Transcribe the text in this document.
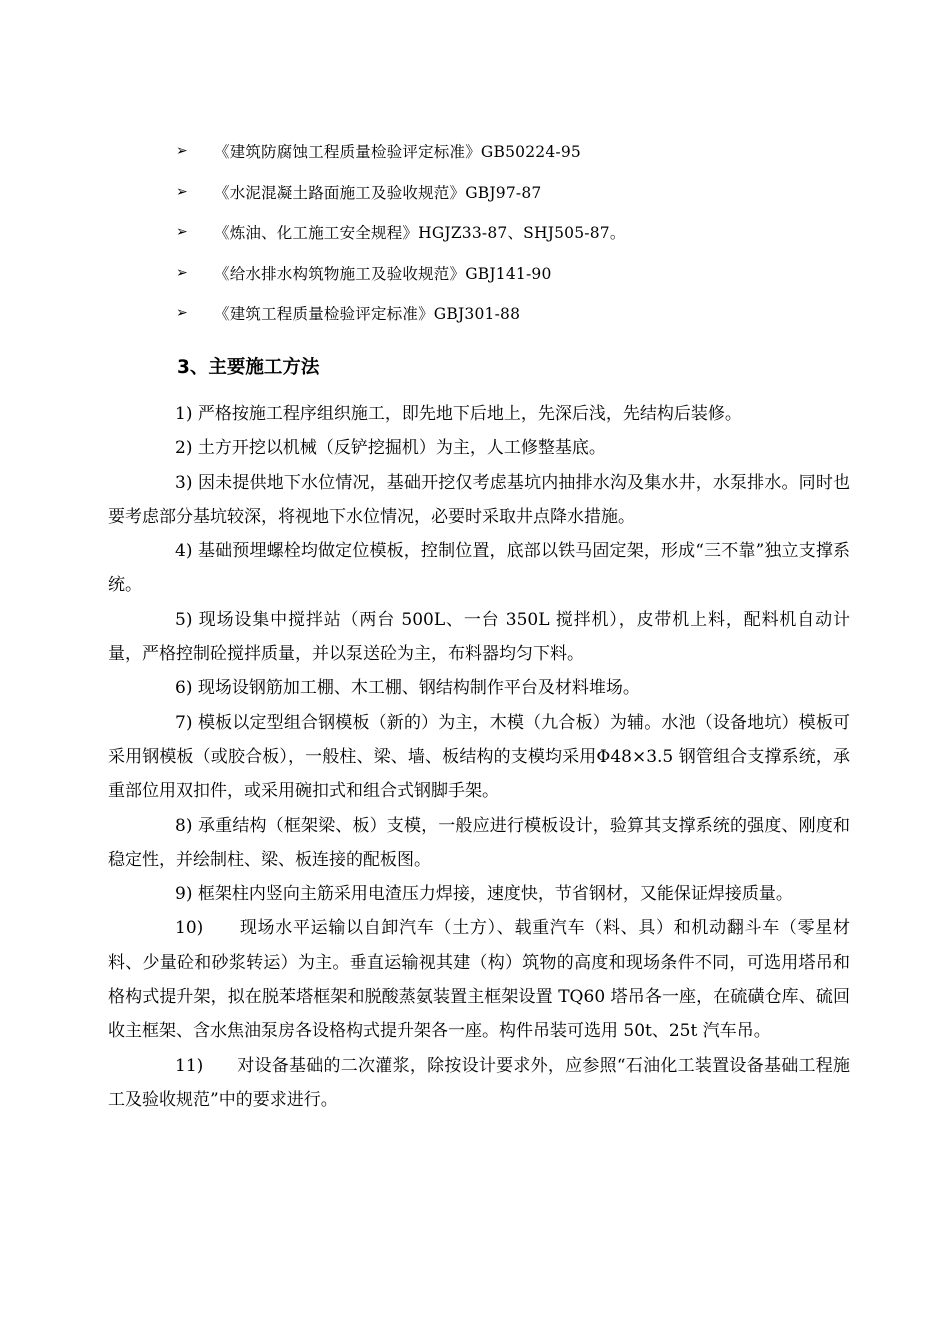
➢	《建筑防腐蚀工程质量检验评定标准》GB50224-95
➢	《水泥混凝土路面施工及验收规范》GBJ97-87
➢	《炼油、化工施工安全规程》HGJZ33-87、SHJ505-87。
➢	《给水排水构筑物施工及验收规范》GBJ141-90
➢	《建筑工程质量检验评定标准》GBJ301-88
3、主要施工方法

1) 严格按施工程序组织施工，即先地下后地上，先深后浅，先结构后装修。

2) 土方开挖以机械（反铲挖掘机）为主，人工修整基底。

3) 因未提供地下水位情况，基础开挖仅考虑基坑内抽排水沟及集水井，水泵排水。同时也要考虑部分基坑较深，将视地下水位情况，必要时采取井点降水措施。

4) 基础预埋螺栓均做定位模板，控制位置，底部以铁马固定架，形成“三不靠”独立支撑系统。

5) 现场设集中搅拌站（两台 500L、一台 350L 搅拌机），皮带机上料，配料机自动计量，严格控制砼搅拌质量，并以泵送砼为主，布料器均匀下料。

6) 现场设钢筋加工棚、木工棚、钢结构制作平台及材料堆场。

7) 模板以定型组合钢模板（新的）为主，木模（九合板）为辅。水池（设备地坑）模板可采用钢模板（或胶合板），一般柱、梁、墙、板结构的支模均采用Φ48×3.5 钢管组合支撑系统，承重部位用双扣件，或采用碗扣式和组合式钢脚手架。

8) 承重结构（框架梁、板）支模，一般应进行模板设计，验算其支撑系统的强度、刚度和稳定性，并绘制柱、梁、板连接的配板图。

9) 框架柱内竖向主筋采用电渣压力焊接，速度快，节省钢材，又能保证焊接质量。

10)      现场水平运输以自卸汽车（土方）、载重汽车（料、具）和机动翻斗车（零星材料、少量砼和砂浆转运）为主。垂直运输视其建（构）筑物的高度和现场条件不同，可选用塔吊和格构式提升架，拟在脱苯塔框架和脱酸蒸氨装置主框架设置 TQ60 塔吊各一座，在硫磺仓库、硫回收主框架、含水焦油泵房各设格构式提升架各一座。构件吊装可选用 50t、25t 汽车吊。

11)      对设备基础的二次灌浆，除按设计要求外，应参照“石油化工装置设备基础工程施工及验收规范”中的要求进行。
